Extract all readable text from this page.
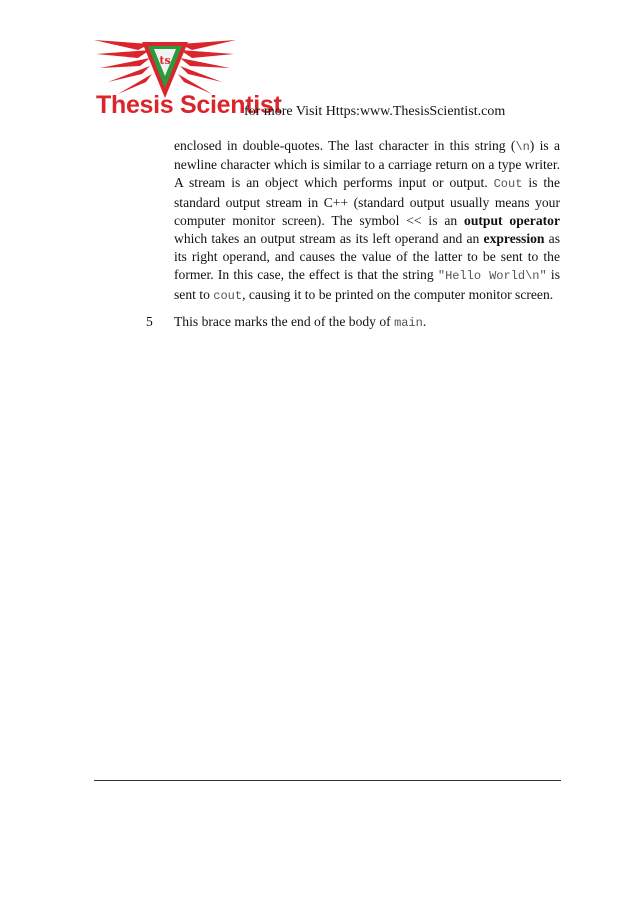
ts
Thesis Scientist
for more Visit Https:www.ThesisScientist.com

enclosed in double-quotes. The last character in this string (\n) is a newline character which is similar to a carriage return on a type writer. A stream is an object which performs input or output. Cout is the standard output stream in C++ (standard output usually means your computer monitor screen). The symbol << is an output operator which takes an output stream as its left operand and an expression as its right operand, and causes the value of the latter to be sent to the former. In this case, the effect is that the string "Hello World\n" is sent to cout, causing it to be printed on the computer monitor screen.

5 This brace marks the end of the body of main.
